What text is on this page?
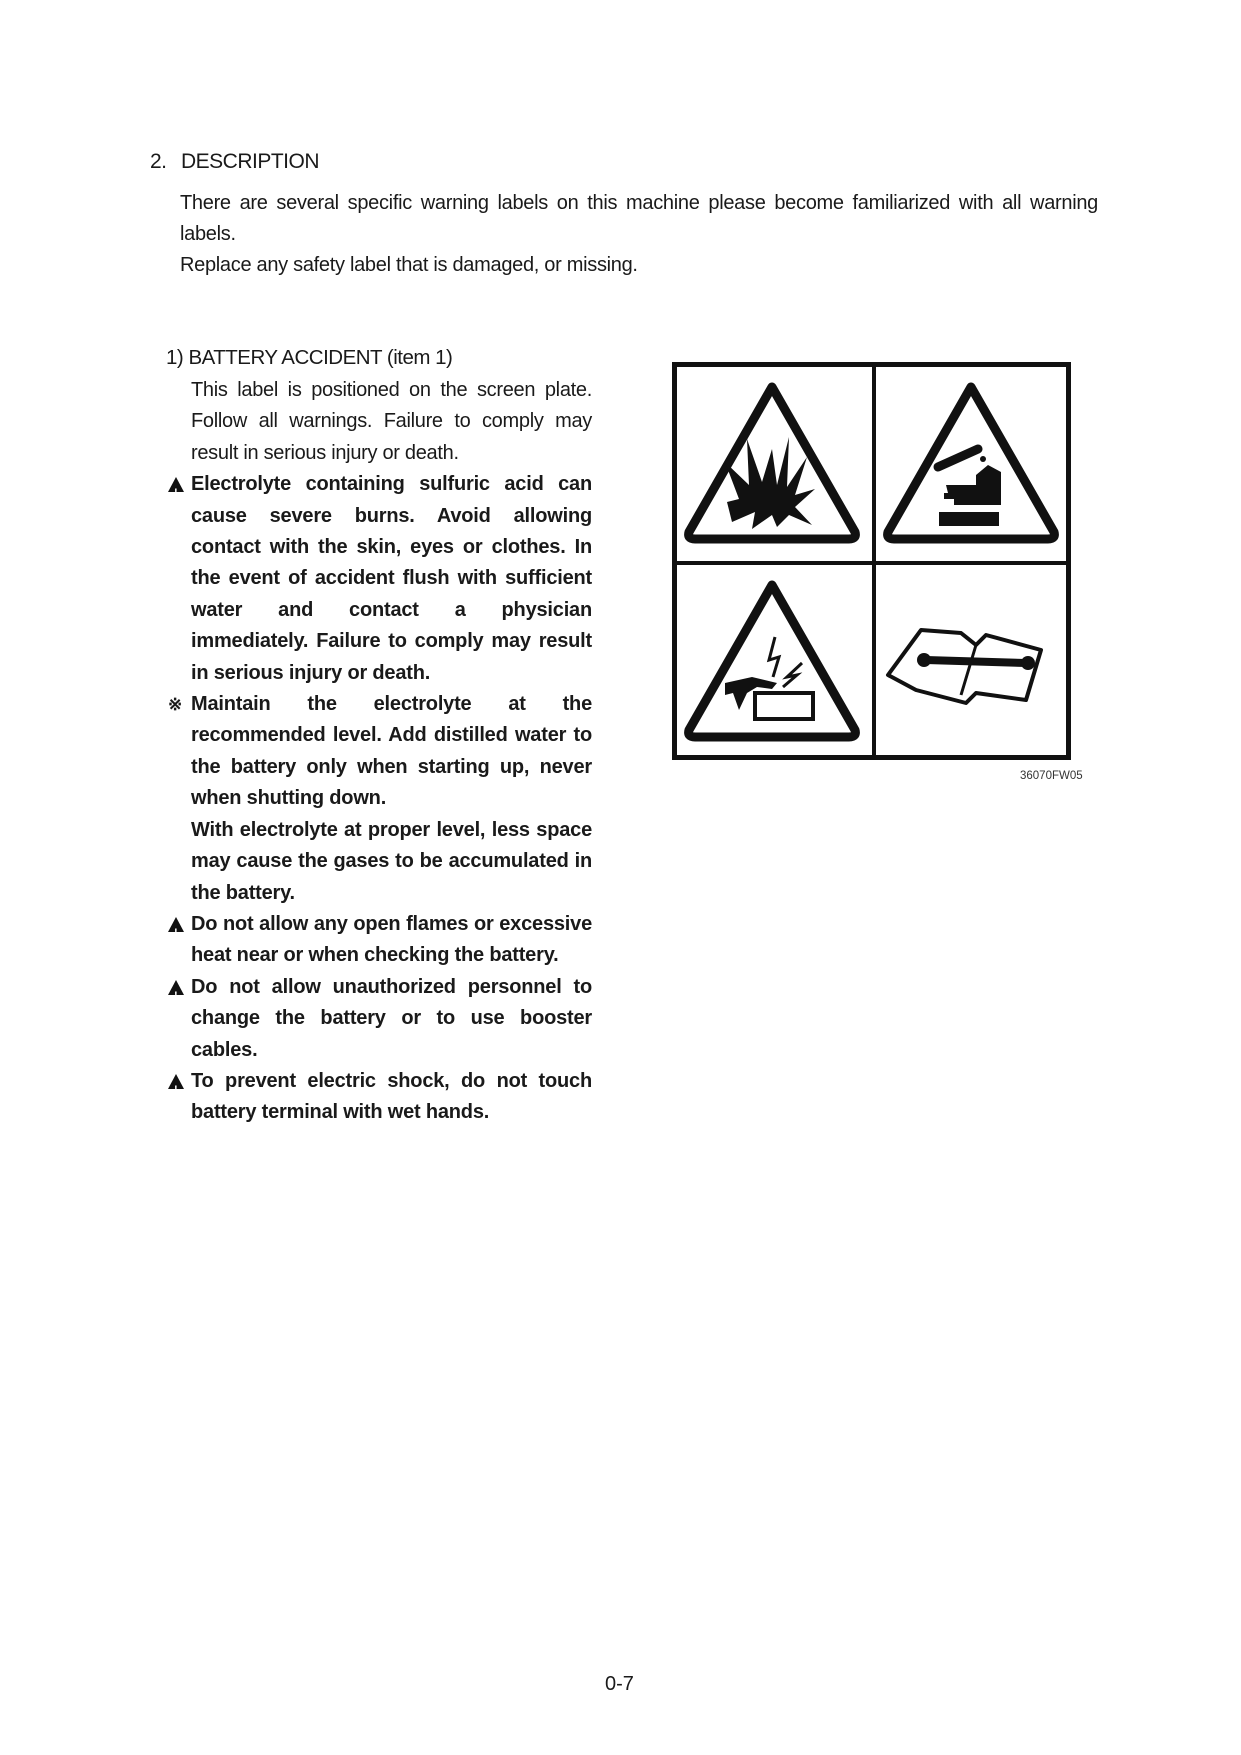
2. DESCRIPTION

There are several specific warning labels on this machine please become familiarized with all warning labels.

Replace any safety label that is damaged, or missing.

1) BATTERY ACCIDENT (item 1)

This label is positioned on the screen plate. Follow all warnings. Failure to comply may result in serious injury or death.

!
Electrolyte containing sulfuric acid can cause severe burns. Avoid allowing contact with the skin, eyes or clothes. In the event of accident flush with sufficient water and contact a physician immediately. Failure to comply may result in serious injury or death.

※ Maintain the electrolyte at the recommended level. Add distilled water to the battery only when starting up, never when shutting down.

With electrolyte at proper level, less space may cause the gases to be accumulated in the battery.

!
Do not allow any open flames or excessive heat near or when checking the battery.

!
Do not allow unauthorized personnel to change the battery or to use booster cables.

!
To prevent electric shock, do not touch battery terminal with wet hands.

36070FW05
0-7
